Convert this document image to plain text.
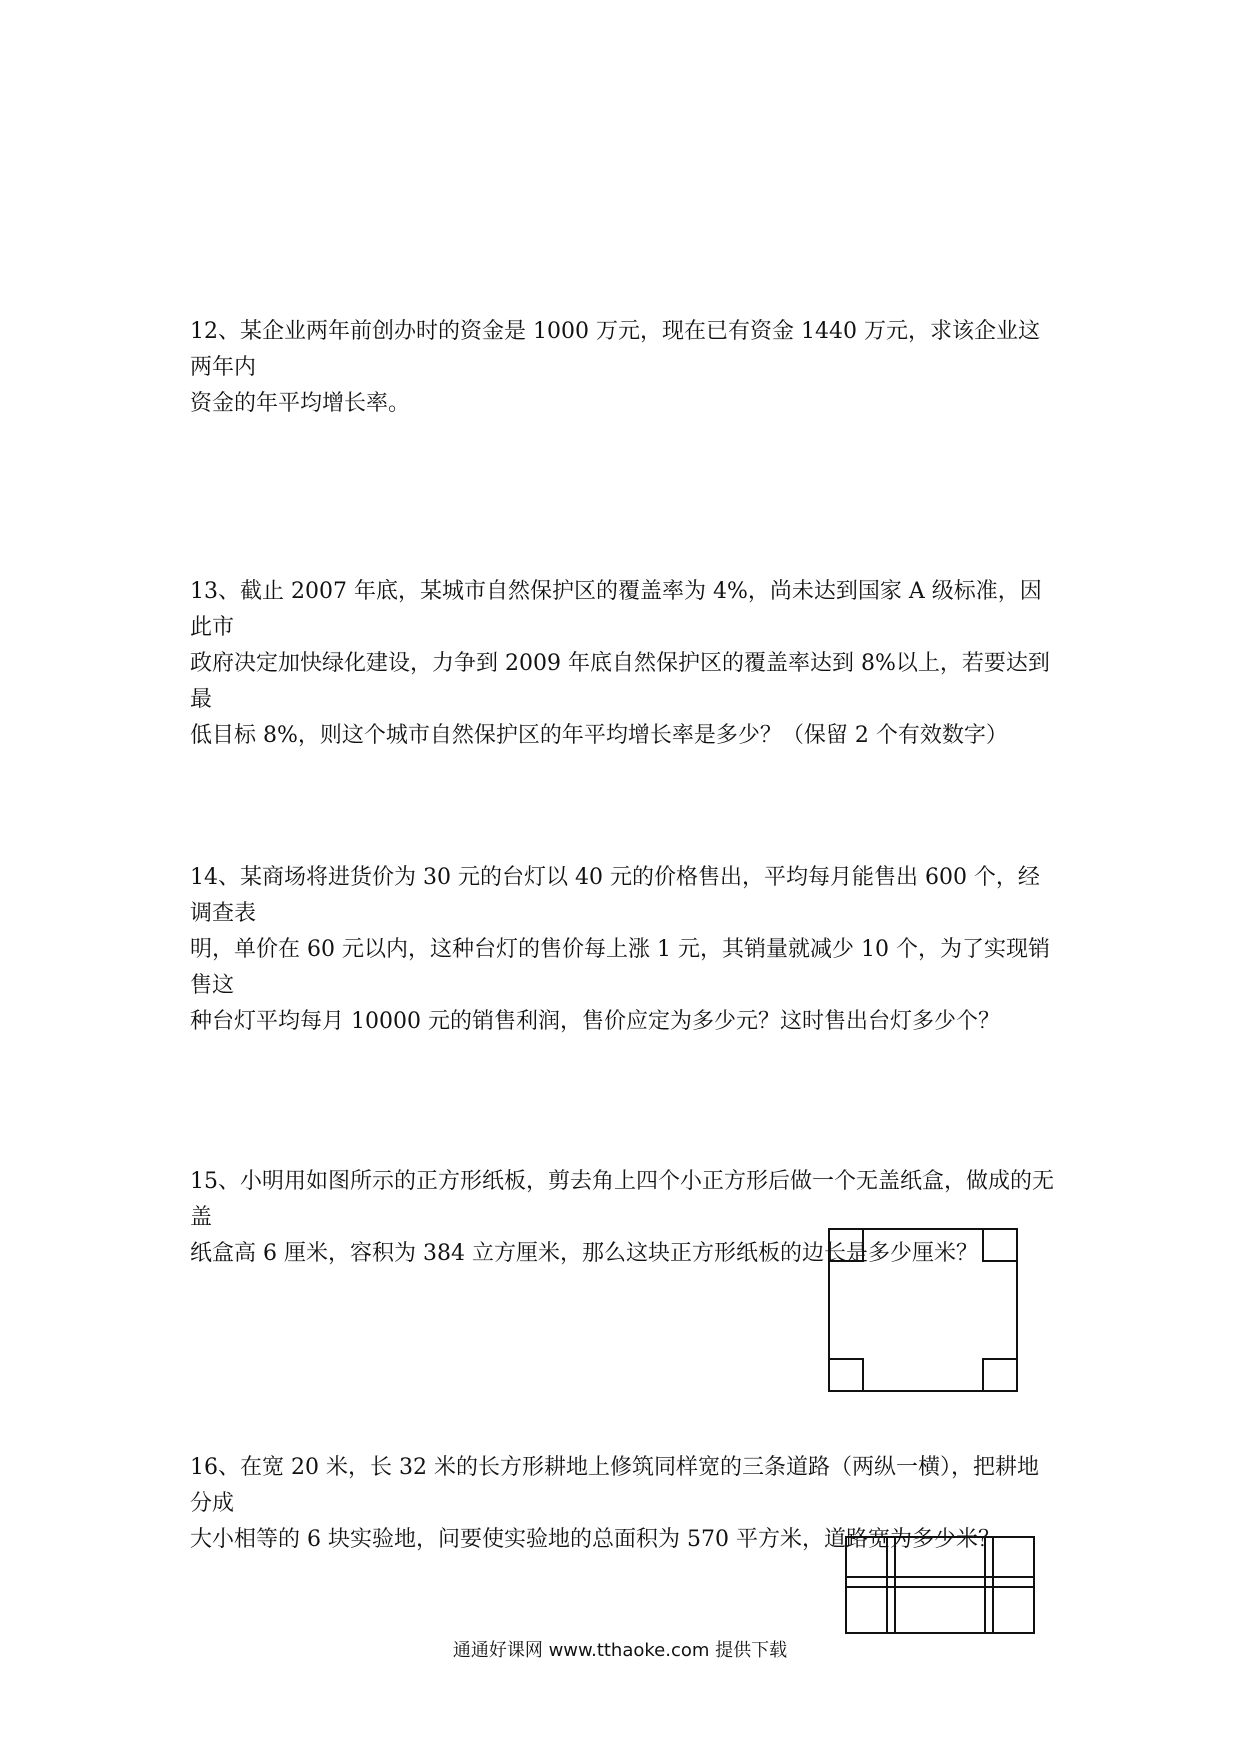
12、某企业两年前创办时的资金是 1000 万元，现在已有资金 1440 万元，求该企业这两年内

资金的年平均增长率。

13、截止 2007 年底，某城市自然保护区的覆盖率为 4%，尚未达到国家 A 级标准，因此市

政府决定加快绿化建设，力争到 2009 年底自然保护区的覆盖率达到 8%以上，若要达到最

低目标 8%，则这个城市自然保护区的年平均增长率是多少？（保留 2 个有效数字）

14、某商场将进货价为 30 元的台灯以 40 元的价格售出，平均每月能售出 600 个，经调查表

明，单价在 60 元以内，这种台灯的售价每上涨 1 元，其销量就减少 10 个，为了实现销售这

种台灯平均每月 10000 元的销售利润，售价应定为多少元？这时售出台灯多少个？

15、小明用如图所示的正方形纸板，剪去角上四个小正方形后做一个无盖纸盒，做成的无盖

纸盒高 6 厘米，容积为 384 立方厘米，那么这块正方形纸板的边长是多少厘米？

16、在宽 20 米，长 32 米的长方形耕地上修筑同样宽的三条道路（两纵一横），把耕地分成

大小相等的 6 块实验地，问要使实验地的总面积为 570 平方米，道路宽为多少米？

通通好课网 www.tthaoke.com 提供下载
